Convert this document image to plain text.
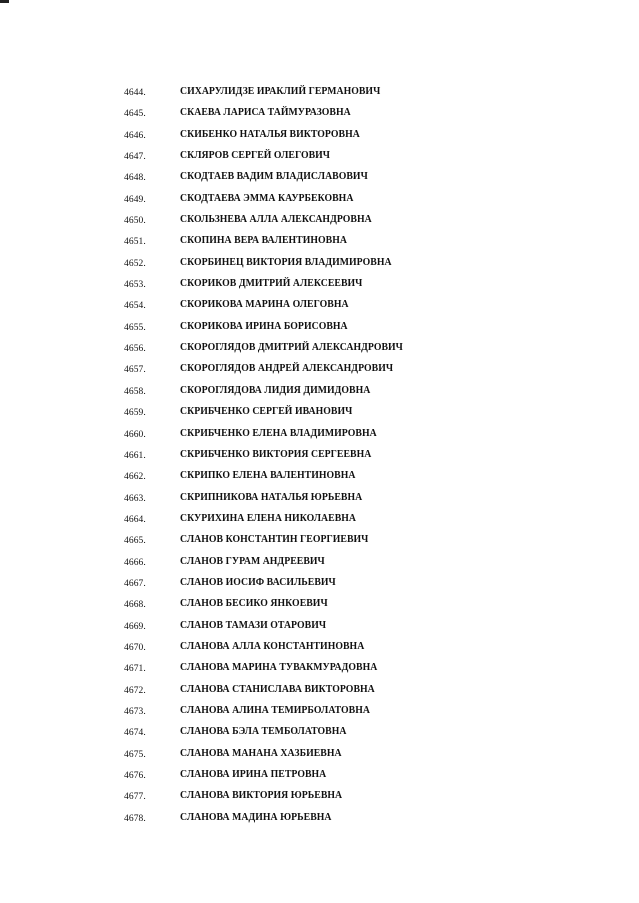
4644.	СИХАРУЛИДЗЕ ИРАКЛИЙ ГЕРМАНОВИЧ
4645.	СКАЕВА ЛАРИСА ТАЙМУРАЗОВНА
4646.	СКИБЕНКО НАТАЛЬЯ ВИКТОРОВНА
4647.	СКЛЯРОВ СЕРГЕЙ ОЛЕГОВИЧ
4648.	СКОДТАЕВ ВАДИМ ВЛАДИСЛАВОВИЧ
4649.	СКОДТАЕВА ЭММА КАУРБЕКОВНА
4650.	СКОЛЬЗНЕВА АЛЛА АЛЕКСАНДРОВНА
4651.	СКОПИНА ВЕРА ВАЛЕНТИНОВНА
4652.	СКОРБИНЕЦ ВИКТОРИЯ ВЛАДИМИРОВНА
4653.	СКОРИКОВ ДМИТРИЙ АЛЕКСЕЕВИЧ
4654.	СКОРИКОВА МАРИНА ОЛЕГОВНА
4655.	СКОРИКОВА ИРИНА БОРИСОВНА
4656.	СКОРОГЛЯДОВ ДМИТРИЙ АЛЕКСАНДРОВИЧ
4657.	СКОРОГЛЯДОВ АНДРЕЙ АЛЕКСАНДРОВИЧ
4658.	СКОРОГЛЯДОВА ЛИДИЯ ДИМИДОВНА
4659.	СКРИБЧЕНКО СЕРГЕЙ ИВАНОВИЧ
4660.	СКРИБЧЕНКО ЕЛЕНА ВЛАДИМИРОВНА
4661.	СКРИБЧЕНКО ВИКТОРИЯ СЕРГЕЕВНА
4662.	СКРИПКО ЕЛЕНА ВАЛЕНТИНОВНА
4663.	СКРИПНИКОВА НАТАЛЬЯ ЮРЬЕВНА
4664.	СКУРИХИНА ЕЛЕНА НИКОЛАЕВНА
4665.	СЛАНОВ КОНСТАНТИН ГЕОРГИЕВИЧ
4666.	СЛАНОВ ГУРАМ АНДРЕЕВИЧ
4667.	СЛАНОВ ИОСИФ ВАСИЛЬЕВИЧ
4668.	СЛАНОВ БЕСИКО ЯНКОЕВИЧ
4669.	СЛАНОВ ТАМАЗИ ОТАРОВИЧ
4670.	СЛАНОВА АЛЛА КОНСТАНТИНОВНА
4671.	СЛАНОВА МАРИНА ТУВАКМУРАДОВНА
4672.	СЛАНОВА СТАНИСЛАВА ВИКТОРОВНА
4673.	СЛАНОВА АЛИНА ТЕМИРБОЛАТОВНА
4674.	СЛАНОВА БЭЛА ТЕМБОЛАТОВНА
4675.	СЛАНОВА МАНАНА ХАЗБИЕВНА
4676.	СЛАНОВА ИРИНА ПЕТРОВНА
4677.	СЛАНОВА ВИКТОРИЯ ЮРЬЕВНА
4678.	СЛАНОВА МАДИНА ЮРЬЕВНА
